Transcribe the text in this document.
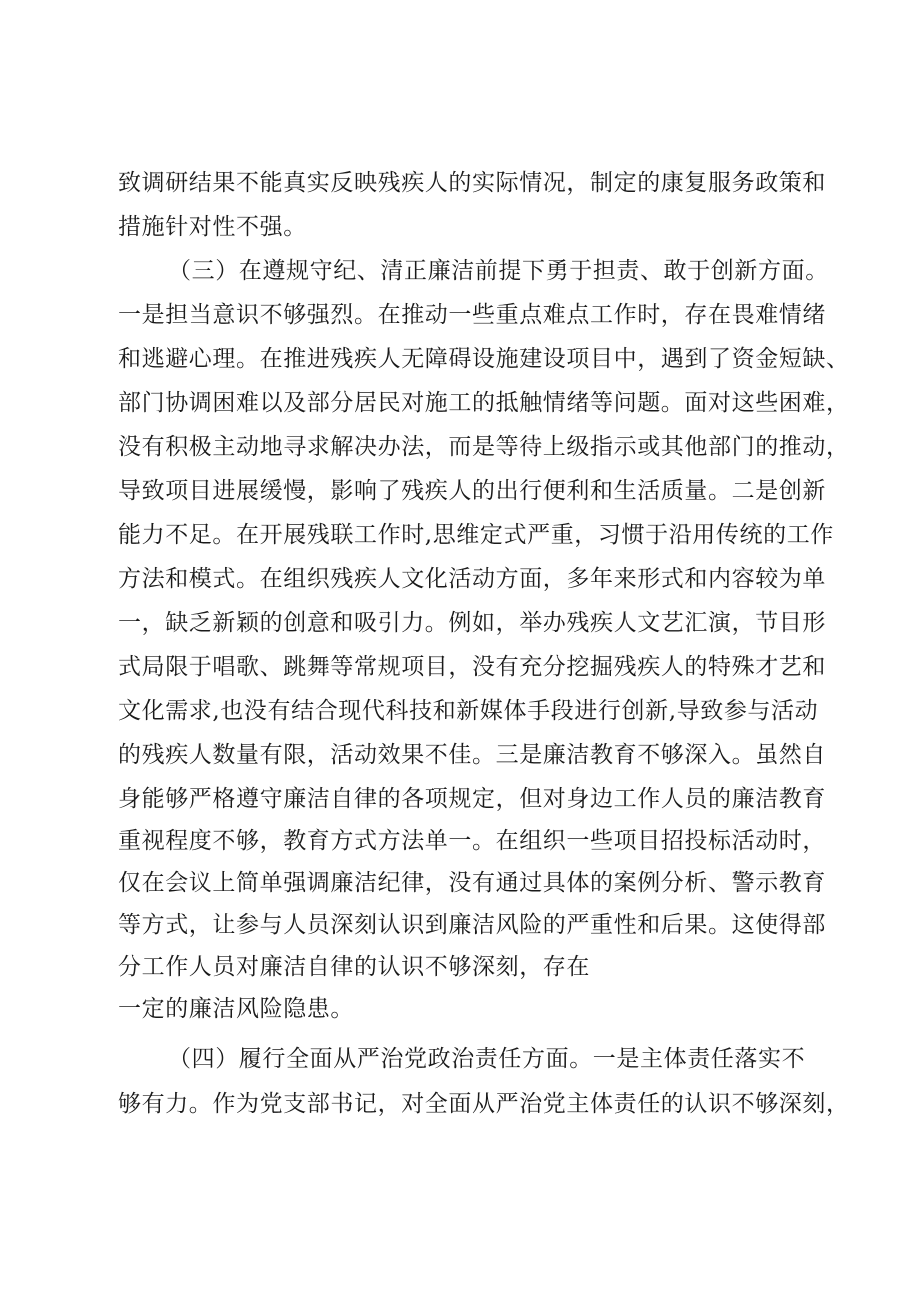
致调研结果不能真实反映残疾人的实际情况，制定的康复服务政策和
措施针对性不强。
（三）在遵规守纪、清正廉洁前提下勇于担责、敢于创新方面。
一是担当意识不够强烈。在推动一些重点难点工作时，存在畏难情绪
和逃避心理。在推进残疾人无障碍设施建设项目中，遇到了资金短缺、
部门协调困难以及部分居民对施工的抵触情绪等问题。面对这些困难，
没有积极主动地寻求解决办法，而是等待上级指示或其他部门的推动，
导致项目进展缓慢，影响了残疾人的出行便利和生活质量。二是创新
能力不足。在开展残联工作时,思维定式严重，习惯于沿用传统的工作
方法和模式。在组织残疾人文化活动方面，多年来形式和内容较为单
一，缺乏新颖的创意和吸引力。例如，举办残疾人文艺汇演，节目形
式局限于唱歌、跳舞等常规项目，没有充分挖掘残疾人的特殊才艺和
文化需求,也没有结合现代科技和新媒体手段进行创新,导致参与活动
的残疾人数量有限，活动效果不佳。三是廉洁教育不够深入。虽然自
身能够严格遵守廉洁自律的各项规定，但对身边工作人员的廉洁教育
重视程度不够，教育方式方法单一。在组织一些项目招投标活动时，
仅在会议上简单强调廉洁纪律，没有通过具体的案例分析、警示教育
等方式，让参与人员深刻认识到廉洁风险的严重性和后果。这使得部
分工作人员对廉洁自律的认识不够深刻，存在
一定的廉洁风险隐患。
（四）履行全面从严治党政治责任方面。一是主体责任落实不
够有力。作为党支部书记，对全面从严治党主体责任的认识不够深刻，
